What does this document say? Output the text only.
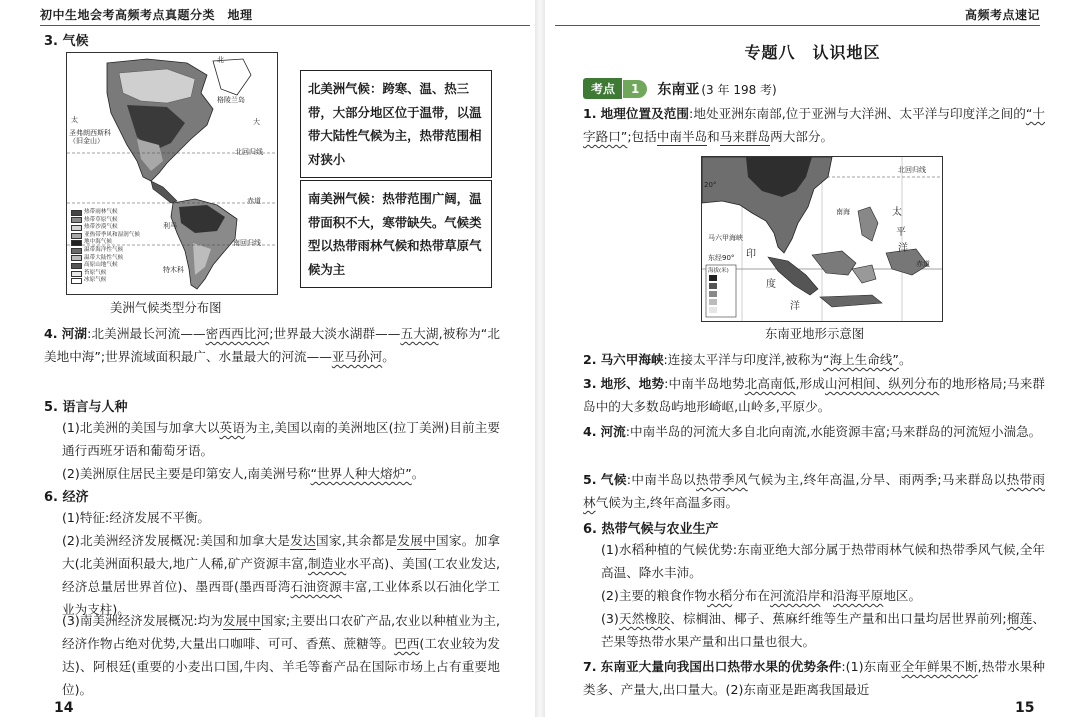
初中生地会考高频考点真题分类　地理
3. 气候
北
北回归线
赤道
南回归线
格陵兰岛
太	大
圣弗朗西斯科（旧金山）
利马
特木科
热带雨林气候
热带草原气候
热带沙漠气候
亚热带季风和湿润气候
地中海气候
温带海洋性气候
温带大陆性气候
高原山地气候
苔原气候
冰原气候
北美洲气候：跨寒、温、热三带，大部分地区位于温带，以温带大陆性气候为主，热带范围相对狭小
南美洲气候：热带范围广阔，温带面积不大，寒带缺失。气候类型以热带雨林气候和热带草原气候为主
美洲气候类型分布图
4. 河湖:北美洲最长河流——密西西比河;世界最大淡水湖群——五大湖,被称为“北美地中海”;世界流域面积最广、水量最大的河流——亚马孙河。
5. 语言与人种
(1)北美洲的美国与加拿大以英语为主,美国以南的美洲地区(拉丁美洲)目前主要通行西班牙语和葡萄牙语。
(2)美洲原住居民主要是印第安人,南美洲号称“世界人种大熔炉”。
6. 经济
(1)特征:经济发展不平衡。
(2)北美洲经济发展概况:美国和加拿大是发达国家,其余都是发展中国家。加拿大(北美洲面积最大,地广人稀,矿产资源丰富,制造业水平高)、美国(工农业发达,经济总量居世界首位)、墨西哥(墨西哥湾石油资源丰富,工业体系以石油化学工业为支柱)。
(3)南美洲经济发展概况:均为发展中国家;主要出口农矿产品,农业以种植业为主,经济作物占绝对优势,大量出口咖啡、可可、香蕉、蔗糖等。巴西(工农业较为发达)、阿根廷(重要的小麦出口国,牛肉、羊毛等畜产品在国际市场上占有重要地位)。
14
高频考点速记
专题八　认识地区
考点	1	东南亚 (3 年 198 考)
1. 地理位置及范围:地处亚洲东南部,位于亚洲与大洋洲、太平洋与印度洋之间的“十字路口”;包括中南半岛和马来群岛两大部分。
北回归线
赤道
太
平
洋
印
度
洋
马六甲海峡
20°
东经90°
南海
海拔(米)
东南亚地形示意图
2. 马六甲海峡:连接太平洋与印度洋,被称为“海上生命线”。
3. 地形、地势:中南半岛地势北高南低,形成山河相间、纵列分布的地形格局;马来群岛中的大多数岛屿地形崎岖,山岭多,平原少。
4. 河流:中南半岛的河流大多自北向南流,水能资源丰富;马来群岛的河流短小湍急。
5. 气候:中南半岛以热带季风气候为主,终年高温,分旱、雨两季;马来群岛以热带雨林气候为主,终年高温多雨。
6. 热带气候与农业生产
(1)水稻种植的气候优势:东南亚绝大部分属于热带雨林气候和热带季风气候,全年高温、降水丰沛。
(2)主要的粮食作物水稻分布在河流沿岸和沿海平原地区。
(3)天然橡胶、棕榈油、椰子、蕉麻纤维等生产量和出口量均居世界前列;榴莲、芒果等热带水果产量和出口量也很大。
7. 东南亚大量向我国出口热带水果的优势条件:(1)东南亚全年鲜果不断,热带水果种类多、产量大,出口量大。(2)东南亚是距离我国最近
15
